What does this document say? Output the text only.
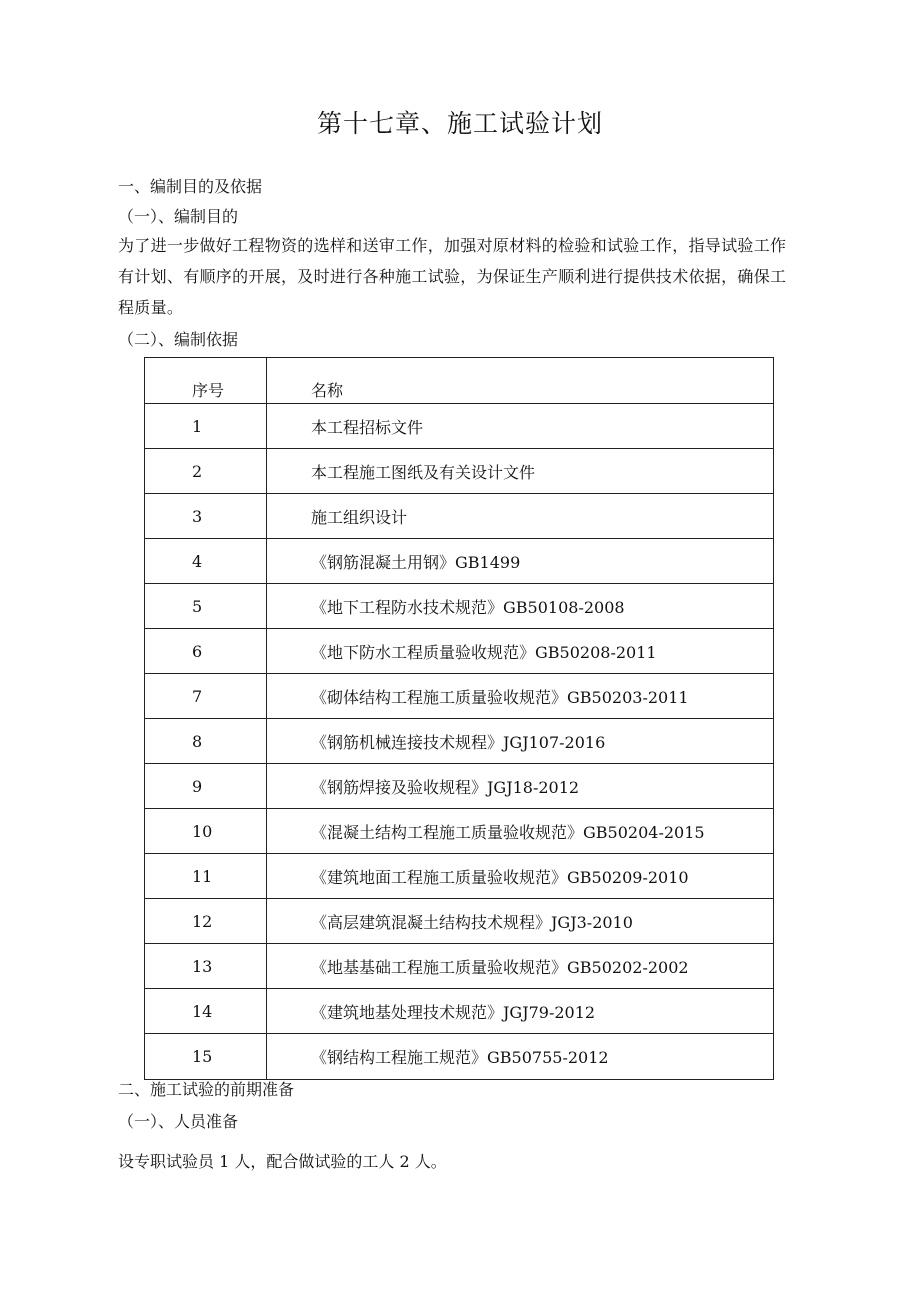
第十七章、施工试验计划
一、编制目的及依据
（一）、编制目的
为了进一步做好工程物资的选样和送审工作，加强对原材料的检验和试验工作，指导试验工作有计划、有顺序的开展，及时进行各种施工试验，为保证生产顺利进行提供技术依据，确保工程质量。
（二）、编制依据
序号	名称
1	本工程招标文件
2	本工程施工图纸及有关设计文件
3	施工组织设计
4	《钢筋混凝土用钢》GB1499
5	《地下工程防水技术规范》GB50108-2008
6	《地下防水工程质量验收规范》GB50208-2011
7	《砌体结构工程施工质量验收规范》GB50203-2011
8	《钢筋机械连接技术规程》JGJ107-2016
9	《钢筋焊接及验收规程》JGJ18-2012
10	《混凝土结构工程施工质量验收规范》GB50204-2015
11	《建筑地面工程施工质量验收规范》GB50209-2010
12	《高层建筑混凝土结构技术规程》JGJ3-2010
13	《地基基础工程施工质量验收规范》GB50202-2002
14	《建筑地基处理技术规范》JGJ79-2012
15	《钢结构工程施工规范》GB50755-2012
二、施工试验的前期准备
（一）、人员准备
设专职试验员 1 人，配合做试验的工人 2 人。
